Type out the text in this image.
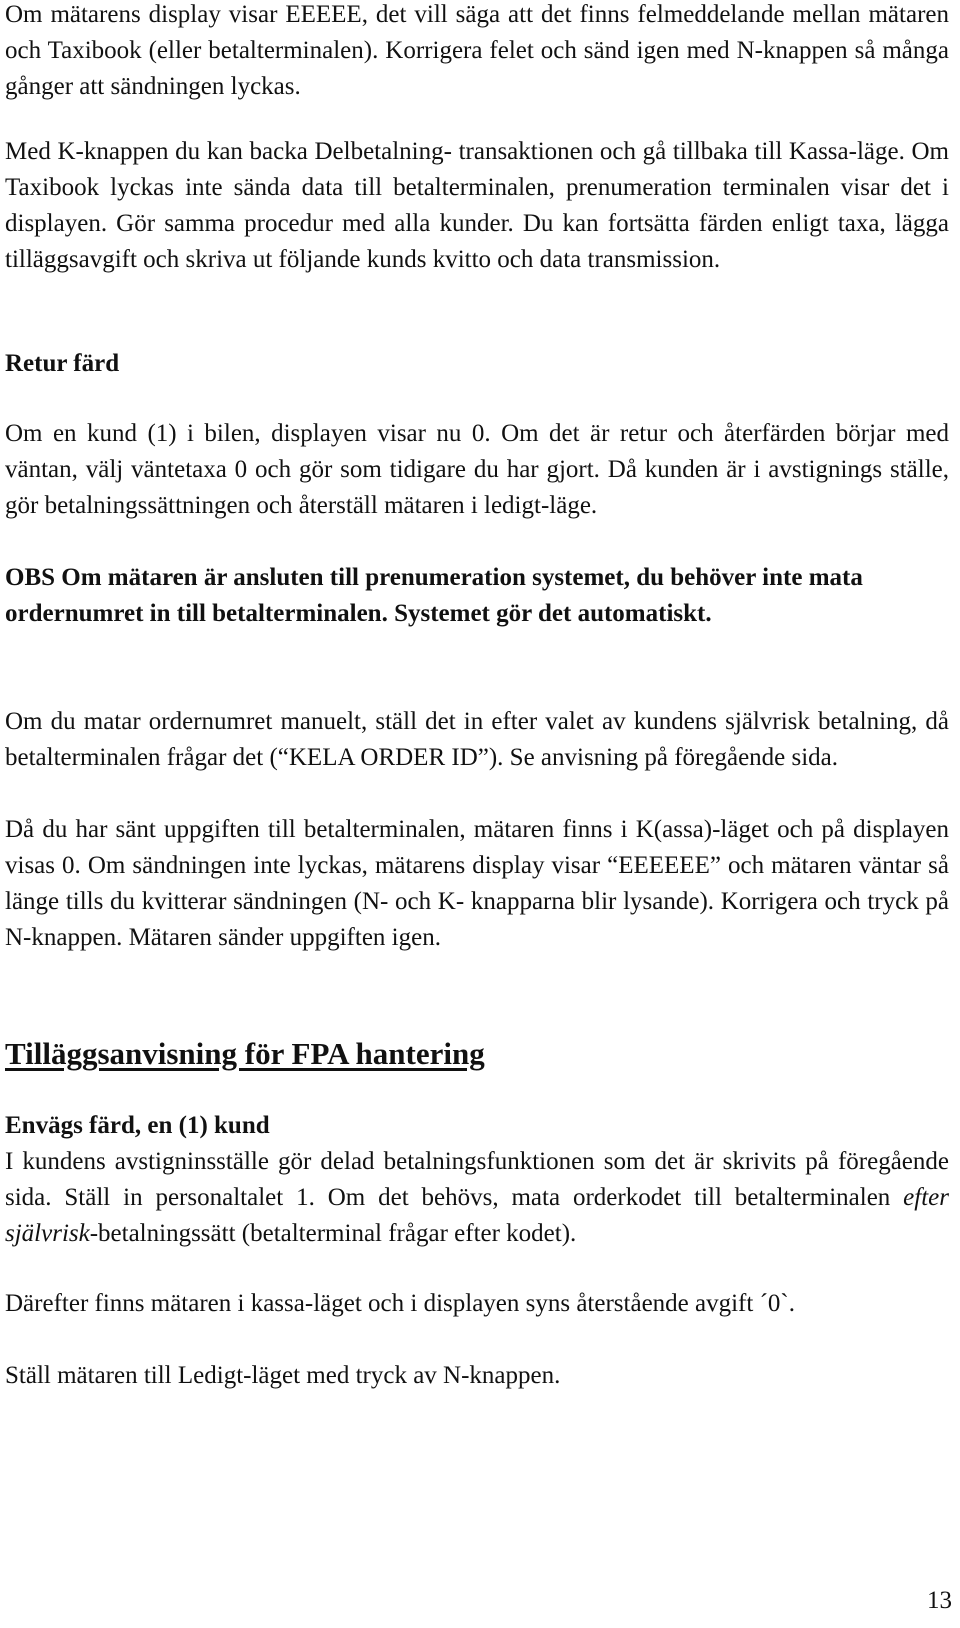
Om mätarens display visar EEEEE, det vill säga att det finns felmeddelande mellan mätaren och Taxibook (eller betalterminalen). Korrigera felet och sänd igen med N-knappen så många gånger att sändningen lyckas.

Med K-knappen du kan backa Delbetalning- transaktionen och gå tillbaka till Kassa-läge. Om Taxibook lyckas inte sända data till betalterminalen, prenumeration terminalen visar det i displayen. Gör samma procedur med alla kunder. Du kan fortsätta färden enligt taxa, lägga tilläggsavgift och skriva ut följande kunds kvitto och data transmission.

Retur färd

Om en kund (1) i bilen, displayen visar nu 0. Om det är retur och återfärden börjar med väntan, välj väntetaxa 0 och gör som tidigare du har gjort. Då kunden är i avstignings ställe, gör betalningssättningen och återställ mätaren i ledigt-läge.

OBS Om mätaren är ansluten till prenumeration systemet, du behöver inte mata ordernumret in till betalterminalen. Systemet gör det automatiskt.

Om du matar ordernumret manuelt, ställ det in efter valet av kundens självrisk betalning, då betalterminalen frågar det (“KELA ORDER ID”). Se anvisning på föregående sida.

Då du har sänt uppgiften till betalterminalen, mätaren finns i K(assa)-läget och på displayen visas 0. Om sändningen inte lyckas, mätarens display visar “EEEEEE” och mätaren väntar så länge tills du kvitterar sändningen (N- och K- knapparna blir lysande). Korrigera och tryck på N-knappen. Mätaren sänder uppgiften igen.

Tilläggsanvisning för FPA hantering

Envägs färd, en (1) kund

I kundens avstigninsställe gör delad betalningsfunktionen som det är skrivits på föregående sida. Ställ in personaltalet 1. Om det behövs, mata orderkodet till betalterminalen efter självrisk-betalningssätt (betalterminal frågar efter kodet).

Därefter finns mätaren i kassa-läget och i displayen syns återstående avgift ´0`.

Ställ mätaren till Ledigt-läget med tryck av N-knappen.

13
